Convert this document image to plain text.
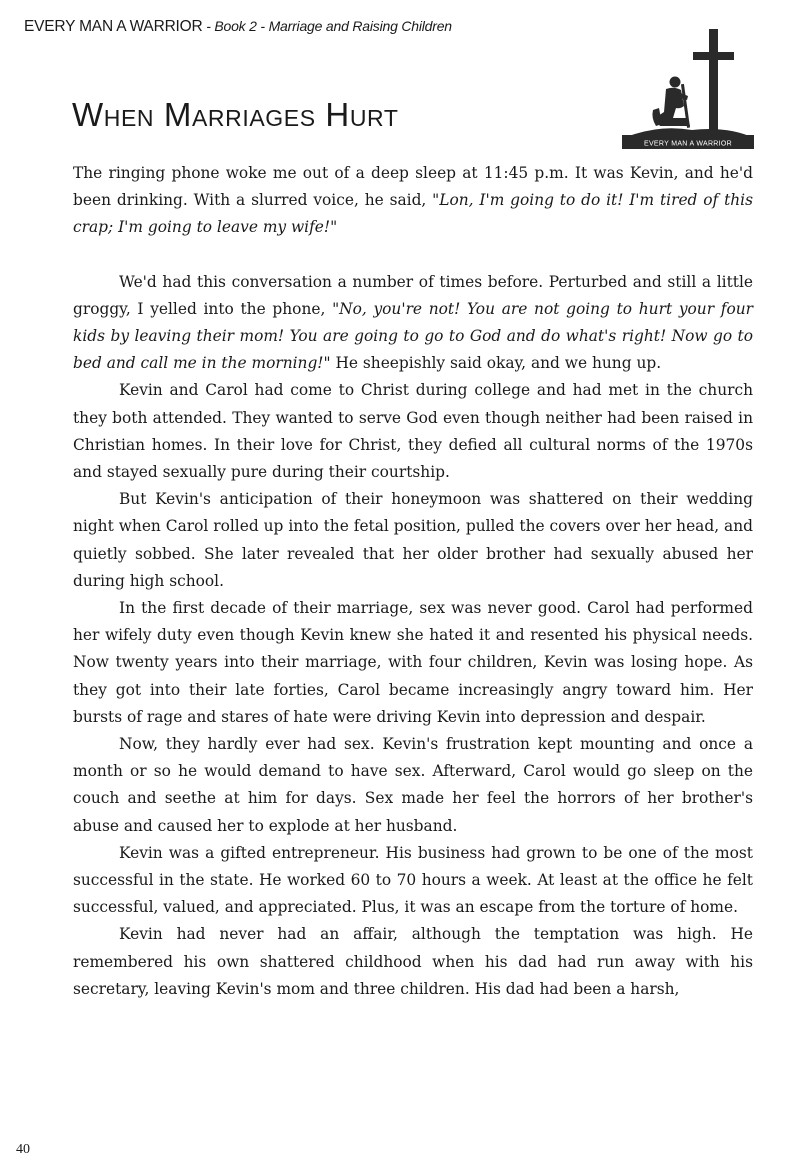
EVERY MAN A WARRIOR - Book 2 - Marriage and Raising Children
When Marriages Hurt
EVERY MAN A WARRIOR

The ringing phone woke me out of a deep sleep at 11:45 p.m. It was Kevin, and he'd been drinking. With a slurred voice, he said, "Lon, I'm going to do it! I'm tired of this crap; I'm going to leave my wife!"

We'd had this conversation a number of times before. Perturbed and still a little groggy, I yelled into the phone, "No, you're not! You are not going to hurt your four kids by leaving their mom! You are going to go to God and do what's right! Now go to bed and call me in the morning!" He sheepishly said okay, and we hung up.

Kevin and Carol had come to Christ during college and had met in the church they both attended. They wanted to serve God even though neither had been raised in Christian homes. In their love for Christ, they defied all cultural norms of the 1970s and stayed sexually pure during their courtship.

But Kevin's anticipation of their honeymoon was shattered on their wedding night when Carol rolled up into the fetal position, pulled the covers over her head, and quietly sobbed. She later revealed that her older brother had sexually abused her during high school.

In the first decade of their marriage, sex was never good. Carol had performed her wifely duty even though Kevin knew she hated it and resented his physical needs. Now twenty years into their marriage, with four children, Kevin was losing hope. As they got into their late forties, Carol became increasingly angry toward him. Her bursts of rage and stares of hate were driving Kevin into depression and despair.

Now, they hardly ever had sex. Kevin's frustration kept mounting and once a month or so he would demand to have sex. Afterward, Carol would go sleep on the couch and seethe at him for days. Sex made her feel the horrors of her brother's abuse and caused her to explode at her husband.

Kevin was a gifted entrepreneur. His business had grown to be one of the most successful in the state. He worked 60 to 70 hours a week. At least at the office he felt successful, valued, and appreciated. Plus, it was an escape from the torture of home.

Kevin had never had an affair, although the temptation was high. He remembered his own shattered childhood when his dad had run away with his secretary, leaving Kevin's mom and three children. His dad had been a harsh,

40
